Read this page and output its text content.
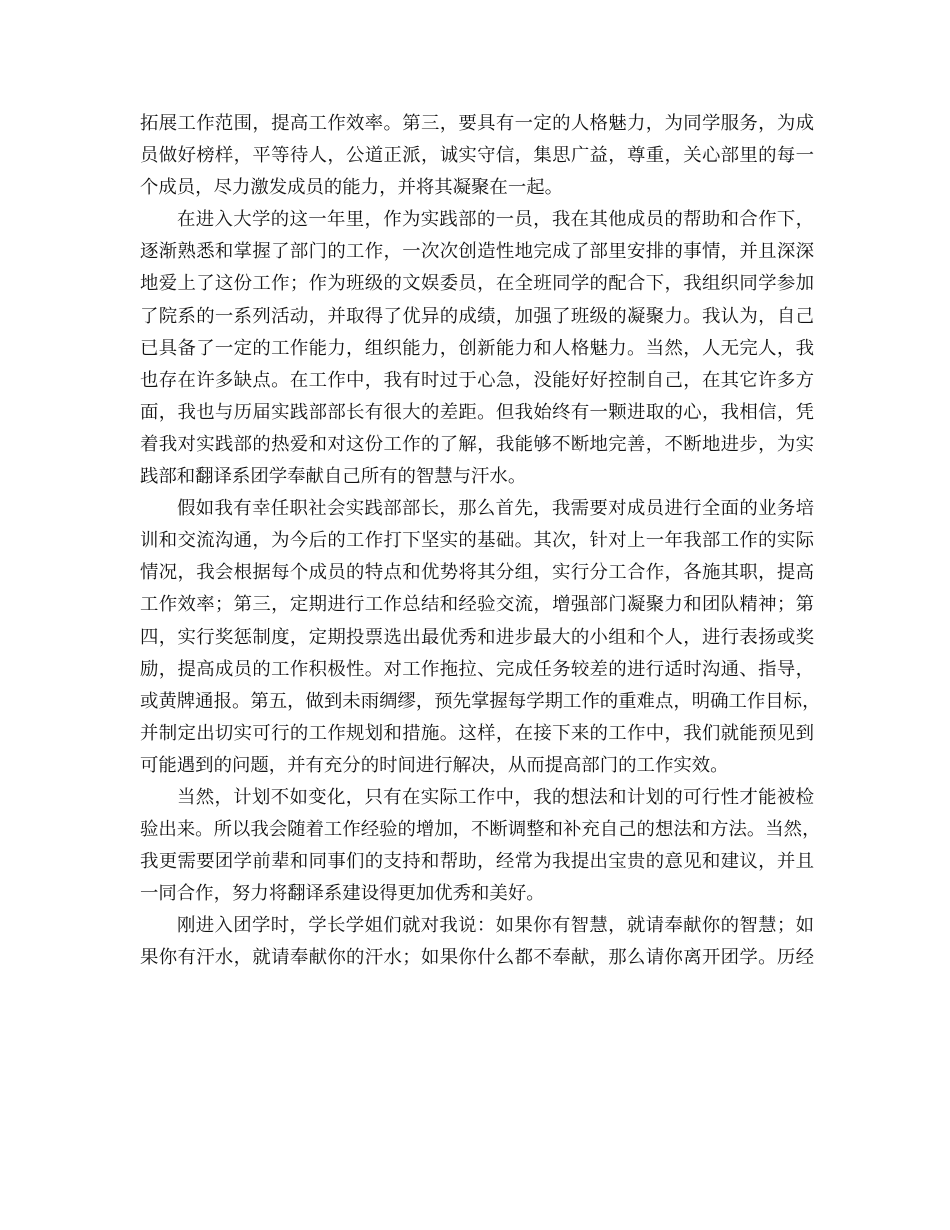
拓展工作范围，提高工作效率。第三，要具有一定的人格魅力，为同学服务，为成
员做好榜样，平等待人，公道正派，诚实守信，集思广益，尊重，关心部里的每一
个成员，尽力激发成员的能力，并将其凝聚在一起。
在进入大学的这一年里，作为实践部的一员，我在其他成员的帮助和合作下，
逐渐熟悉和掌握了部门的工作，一次次创造性地完成了部里安排的事情，并且深深
地爱上了这份工作；作为班级的文娱委员，在全班同学的配合下，我组织同学参加
了院系的一系列活动，并取得了优异的成绩，加强了班级的凝聚力。我认为，自己
已具备了一定的工作能力，组织能力，创新能力和人格魅力。当然，人无完人，我
也存在许多缺点。在工作中，我有时过于心急，没能好好控制自己，在其它许多方
面，我也与历届实践部部长有很大的差距。但我始终有一颗进取的心，我相信，凭
着我对实践部的热爱和对这份工作的了解，我能够不断地完善，不断地进步，为实
践部和翻译系团学奉献自己所有的智慧与汗水。
假如我有幸任职社会实践部部长，那么首先，我需要对成员进行全面的业务培
训和交流沟通，为今后的工作打下坚实的基础。其次，针对上一年我部工作的实际
情况，我会根据每个成员的特点和优势将其分组，实行分工合作，各施其职，提高
工作效率；第三，定期进行工作总结和经验交流，增强部门凝聚力和团队精神；第
四，实行奖惩制度，定期投票选出最优秀和进步最大的小组和个人，进行表扬或奖
励，提高成员的工作积极性。对工作拖拉、完成任务较差的进行适时沟通、指导，
或黄牌通报。第五，做到未雨绸缪，预先掌握每学期工作的重难点，明确工作目标，
并制定出切实可行的工作规划和措施。这样，在接下来的工作中，我们就能预见到
可能遇到的问题，并有充分的时间进行解决，从而提高部门的工作实效。
当然，计划不如变化，只有在实际工作中，我的想法和计划的可行性才能被检
验出来。所以我会随着工作经验的增加，不断调整和补充自己的想法和方法。当然，
我更需要团学前辈和同事们的支持和帮助，经常为我提出宝贵的意见和建议，并且
一同合作，努力将翻译系建设得更加优秀和美好。
刚进入团学时，学长学姐们就对我说：如果你有智慧，就请奉献你的智慧；如
果你有汗水，就请奉献你的汗水；如果你什么都不奉献，那么请你离开团学。历经
